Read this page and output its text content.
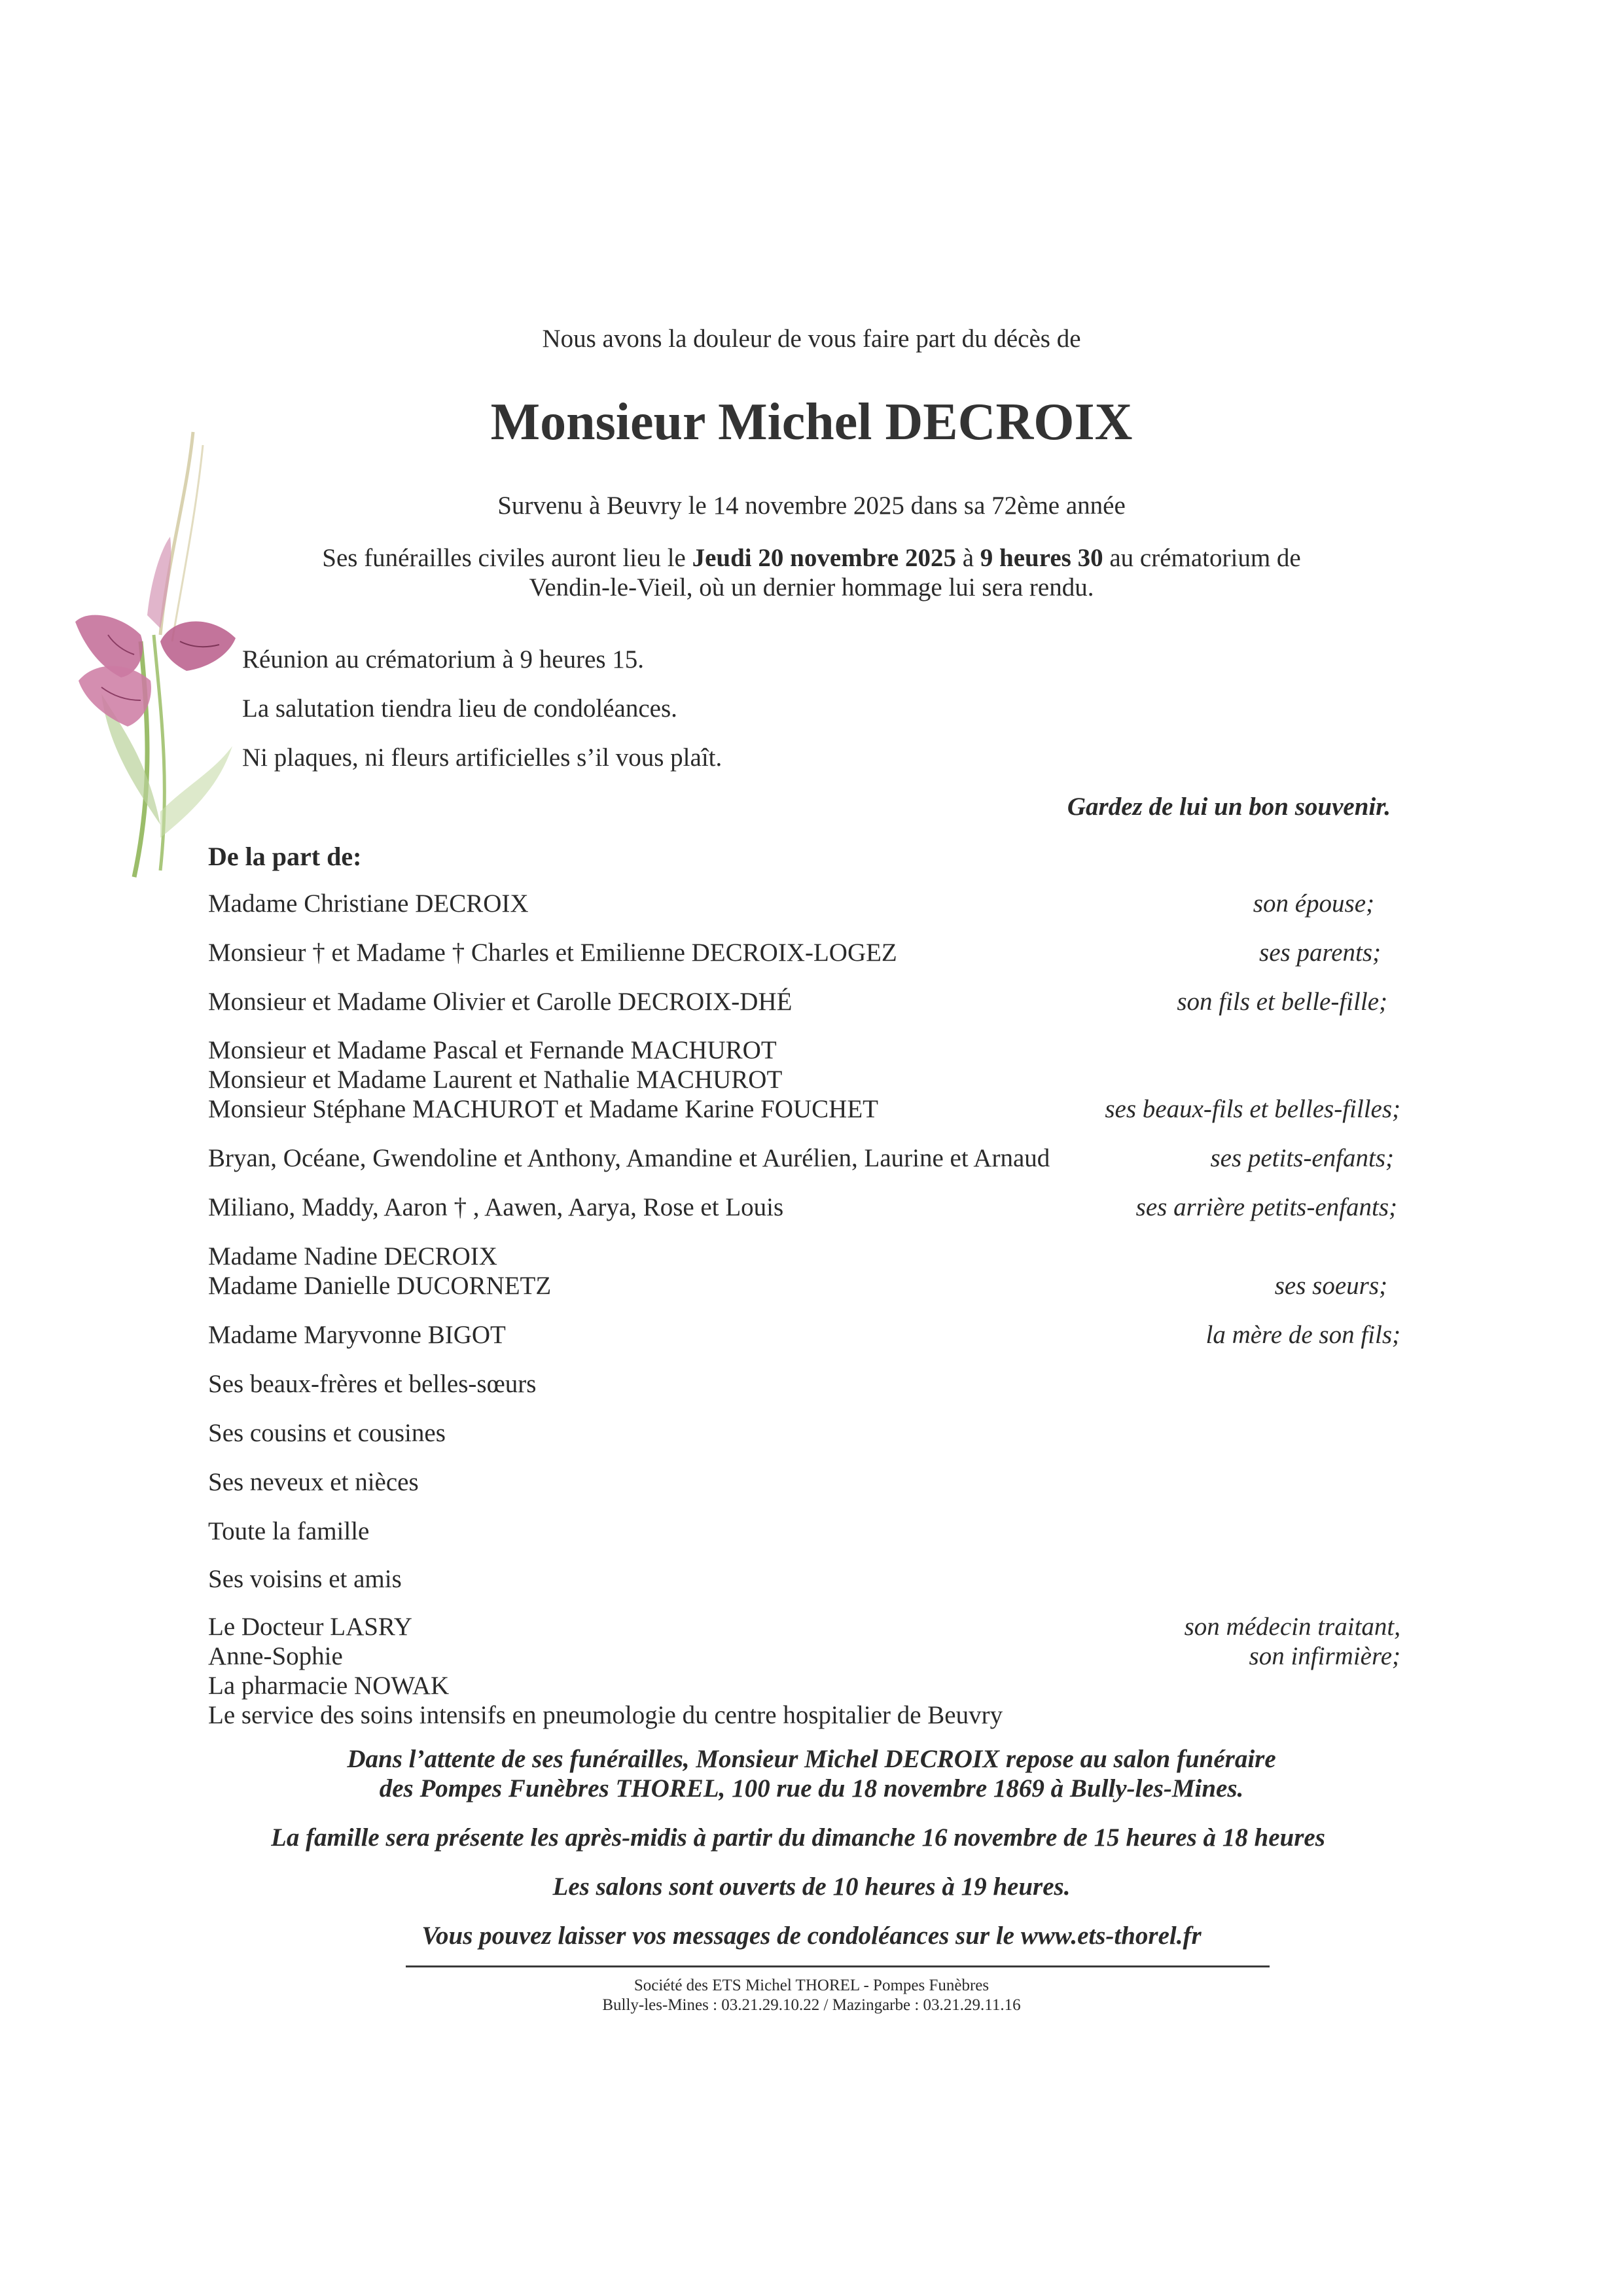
Nous avons la douleur de vous faire part du décès de
Monsieur Michel DECROIX
Survenu à Beuvry le 14 novembre 2025 dans sa 72ème année
Ses funérailles civiles auront lieu le Jeudi 20 novembre 2025 à 9 heures 30 au crématorium de
Vendin-le-Vieil, où un dernier hommage lui sera rendu.
Réunion au crématorium à 9 heures 15.
La salutation tiendra lieu de condoléances.
Ni plaques, ni fleurs artificielles s’il vous plaît.
Gardez de lui un bon souvenir.
De la part de:
Madame Christiane DECROIX	son épouse;
Monsieur † et Madame † Charles et Emilienne DECROIX-LOGEZ	ses parents;
Monsieur et Madame Olivier et Carolle DECROIX-DHÉ	son fils et belle-fille;
Monsieur et Madame Pascal et Fernande MACHUROT
Monsieur et Madame Laurent et Nathalie MACHUROT
Monsieur Stéphane MACHUROT et Madame Karine FOUCHET	ses beaux-fils et belles-filles;
Bryan, Océane, Gwendoline et Anthony, Amandine et Aurélien, Laurine et Arnaud	ses petits-enfants;
Miliano, Maddy, Aaron † , Aawen, Aarya, Rose et Louis	ses arrière petits-enfants;
Madame Nadine DECROIX
Madame Danielle DUCORNETZ	ses soeurs;
Madame Maryvonne BIGOT	la mère de son fils;
Ses beaux-frères et belles-sœurs
Ses cousins et cousines
Ses neveux et nièces
Toute la famille
Ses voisins et amis
Le Docteur LASRY	son médecin traitant,
Anne-Sophie	son infirmière;
La pharmacie NOWAK
Le service des soins intensifs en pneumologie du centre hospitalier de Beuvry
Dans l’attente de ses funérailles, Monsieur Michel DECROIX repose au salon funéraire
des Pompes Funèbres THOREL, 100 rue du 18 novembre 1869 à Bully-les-Mines.
La famille sera présente les après-midis à partir du dimanche 16 novembre de 15 heures à 18 heures
Les salons sont ouverts de 10 heures à 19 heures.
Vous pouvez laisser vos messages de condoléances sur le www.ets-thorel.fr
Société des ETS Michel THOREL - Pompes Funèbres
Bully-les-Mines : 03.21.29.10.22 / Mazingarbe : 03.21.29.11.16
